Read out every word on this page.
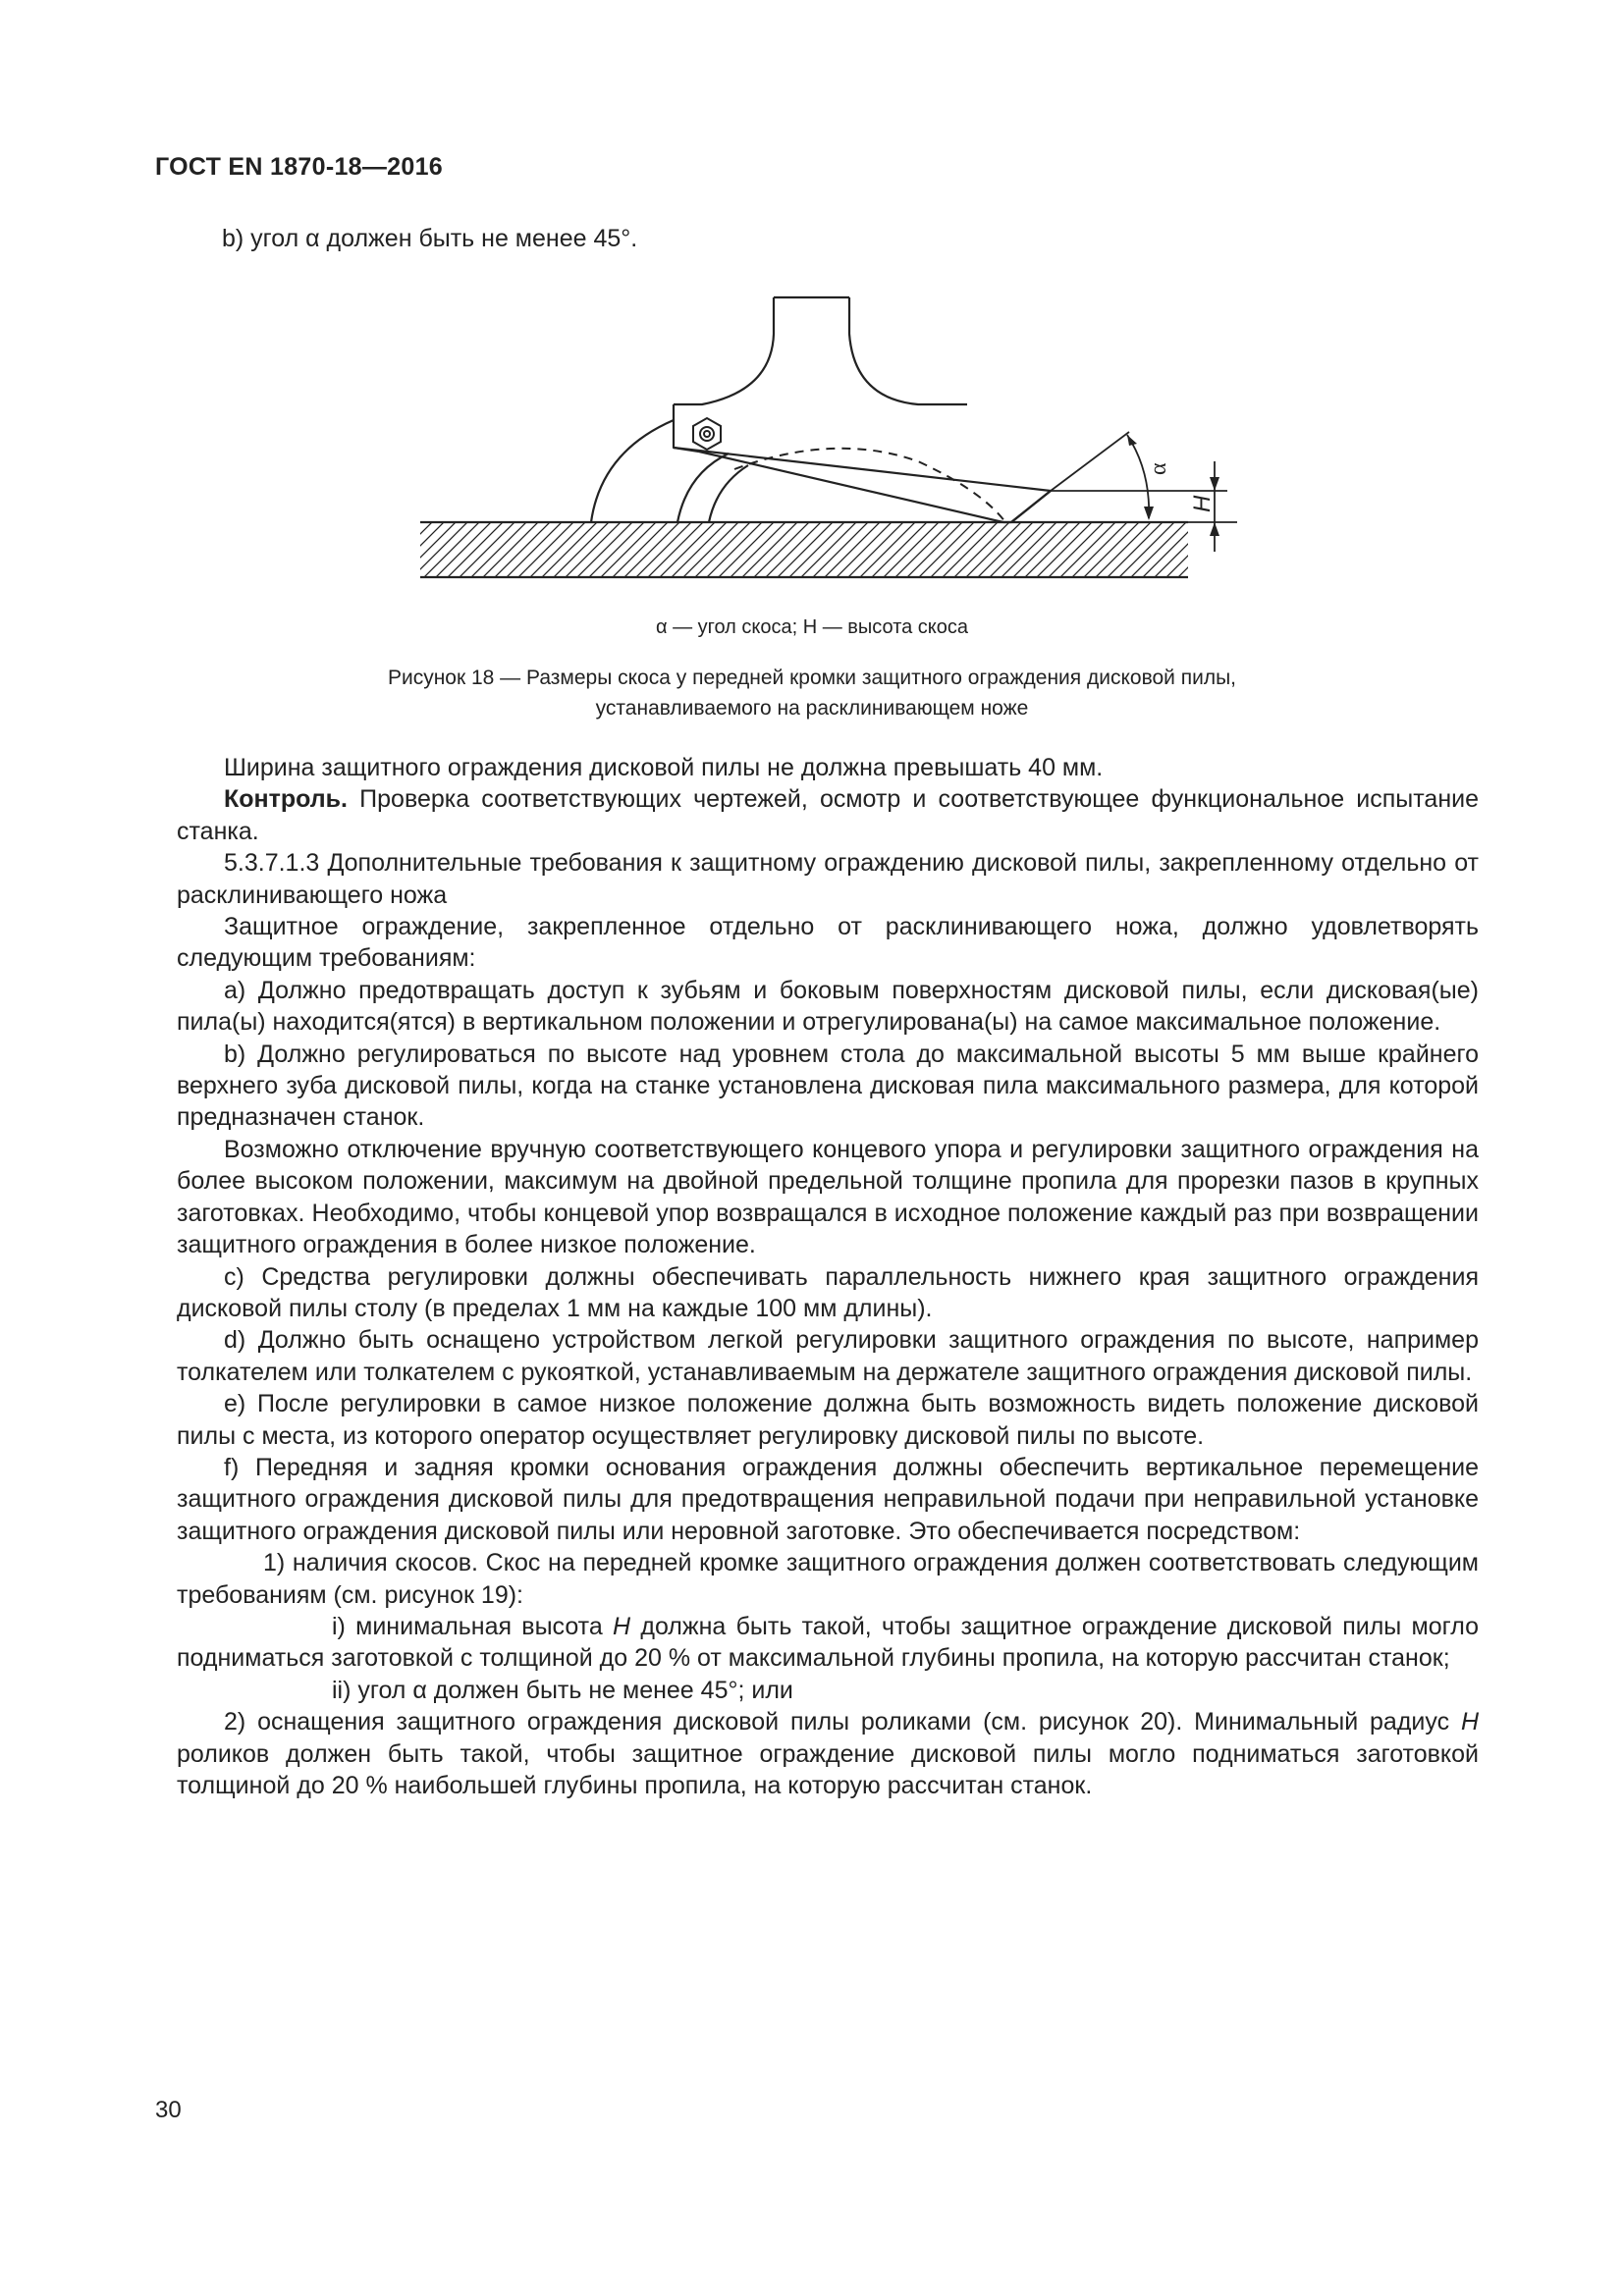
ГОСТ EN 1870-18—2016
b) угол α должен быть не менее 45°.
α
H
α — угол скоса; H — высота скоса
Рисунок 18 — Размеры скоса у передней кромки защитного ограждения дисковой пилы,
устанавливаемого на расклинивающем ноже

Ширина защитного ограждения дисковой пилы не должна превышать 40 мм.

Контроль. Проверка соответствующих чертежей, осмотр и соответствующее функциональное испытание станка.

5.3.7.1.3 Дополнительные требования к защитному ограждению дисковой пилы, закрепленному отдельно от расклинивающего ножа

Защитное ограждение, закрепленное отдельно от расклинивающего ножа, должно удовлетворять следующим требованиям:

a) Должно предотвращать доступ к зубьям и боковым поверхностям дисковой пилы, если дисковая(ые) пила(ы) находится(ятся) в вертикальном положении и отрегулирована(ы) на самое максимальное положение.

b) Должно регулироваться по высоте над уровнем стола до максимальной высоты 5 мм выше крайнего верхнего зуба дисковой пилы, когда на станке установлена дисковая пила максимального размера, для которой предназначен станок.

Возможно отключение вручную соответствующего концевого упора и регулировки защитного ограждения на более высоком положении, максимум на двойной предельной толщине пропила для прорезки пазов в крупных заготовках. Необходимо, чтобы концевой упор возвращался в исходное положение каждый раз при возвращении защитного ограждения в более низкое положение.

c) Средства регулировки должны обеспечивать параллельность нижнего края защитного ограждения дисковой пилы столу (в пределах 1 мм на каждые 100 мм длины).

d) Должно быть оснащено устройством легкой регулировки защитного ограждения по высоте, например толкателем или толкателем с рукояткой, устанавливаемым на держателе защитного ограждения дисковой пилы.

e) После регулировки в самое низкое положение должна быть возможность видеть положение дисковой пилы с места, из которого оператор осуществляет регулировку дисковой пилы по высоте.

f) Передняя и задняя кромки основания ограждения должны обеспечить вертикальное перемещение защитного ограждения дисковой пилы для предотвращения неправильной подачи при неправильной установке защитного ограждения дисковой пилы или неровной заготовке. Это обеспечивается посредством:

1) наличия скосов. Скос на передней кромке защитного ограждения должен соответствовать следующим требованиям (см. рисунок 19):

i) минимальная высота H должна быть такой, чтобы защитное ограждение дисковой пилы могло подниматься заготовкой с толщиной до 20 % от максимальной глубины пропила, на которую рассчитан станок;

ii) угол α должен быть не менее 45°; или

2) оснащения защитного ограждения дисковой пилы роликами (см. рисунок 20). Минимальный радиус H роликов должен быть такой, чтобы защитное ограждение дисковой пилы могло подниматься заготовкой толщиной до 20 % наибольшей глубины пропила, на которую рассчитан станок.

30
